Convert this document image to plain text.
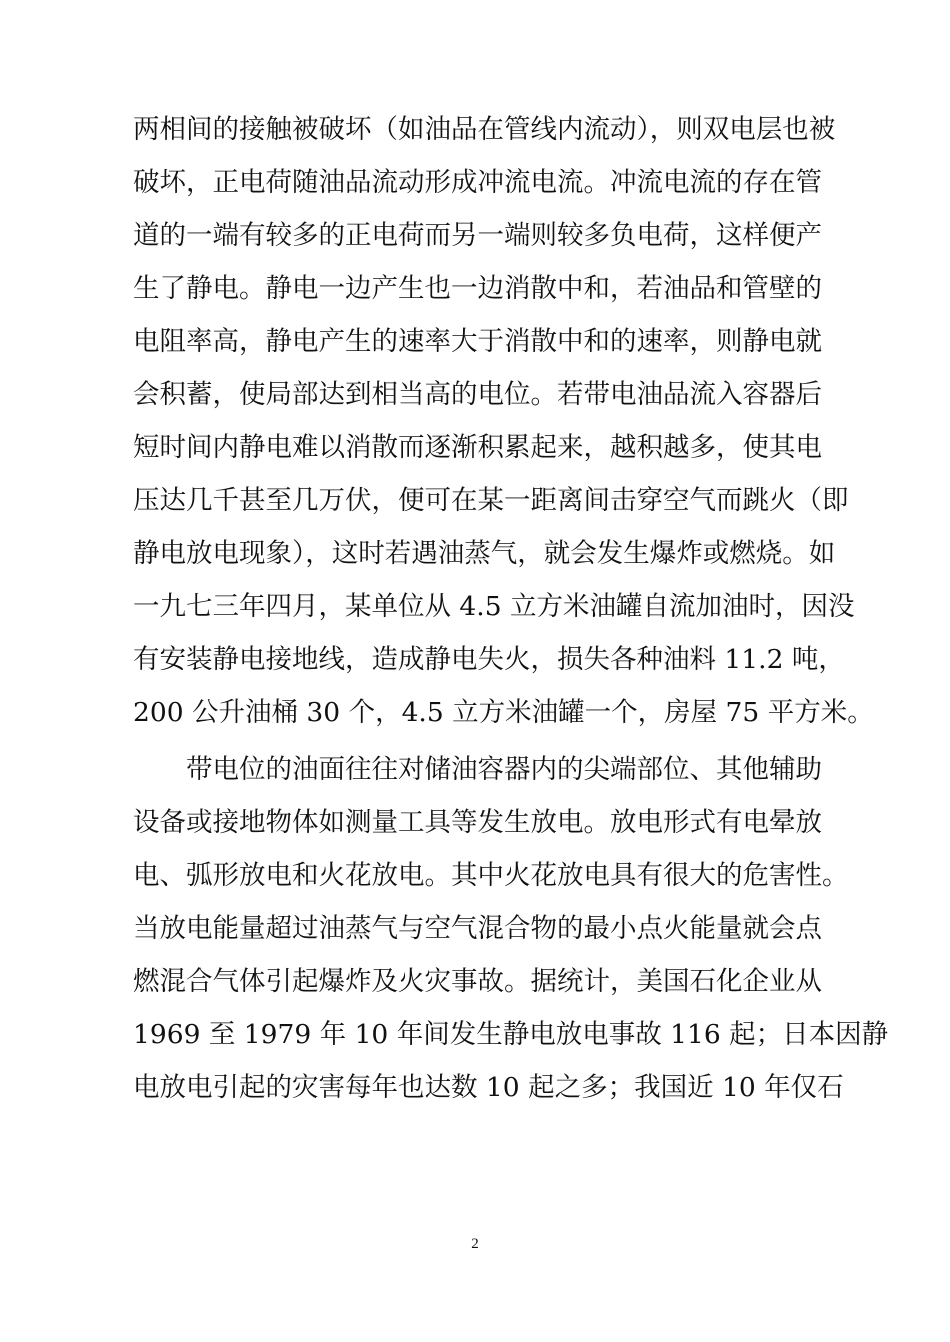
两相间的接触被破坏（如油品在管线内流动），则双电层也被
破坏，正电荷随油品流动形成冲流电流。冲流电流的存在管
道的一端有较多的正电荷而另一端则较多负电荷，这样便产
生了静电。静电一边产生也一边消散中和，若油品和管壁的
电阻率高，静电产生的速率大于消散中和的速率，则静电就
会积蓄，使局部达到相当高的电位。若带电油品流入容器后
短时间内静电难以消散而逐渐积累起来，越积越多，使其电
压达几千甚至几万伏，便可在某一距离间击穿空气而跳火（即
静电放电现象），这时若遇油蒸气，就会发生爆炸或燃烧。如
一九七三年四月，某单位从 4.5 立方米油罐自流加油时，因没
有安装静电接地线，造成静电失火，损失各种油料 11.2 吨，
200 公升油桶 30 个，4.5 立方米油罐一个，房屋 75 平方米。
带电位的油面往往对储油容器内的尖端部位、其他辅助
设备或接地物体如测量工具等发生放电。放电形式有电晕放
电、弧形放电和火花放电。其中火花放电具有很大的危害性。
当放电能量超过油蒸气与空气混合物的最小点火能量就会点
燃混合气体引起爆炸及火灾事故。据统计，美国石化企业从
1969 至 1979 年 10 年间发生静电放电事故 116 起；日本因静
电放电引起的灾害每年也达数 10 起之多；我国近 10 年仅石
2
